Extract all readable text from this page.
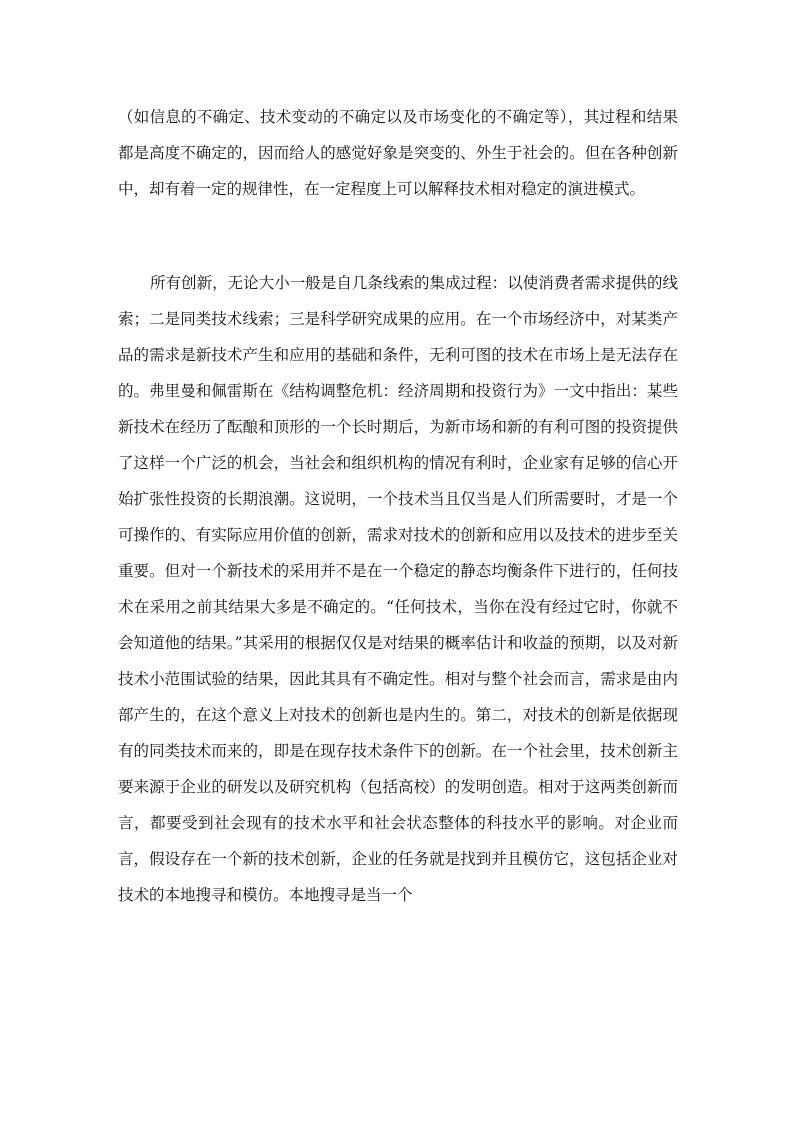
（如信息的不确定、技术变动的不确定以及市场变化的不确定等），其过程和结果都是高度不确定的，因而给人的感觉好象是突变的、外生于社会的。但在各种创新中，却有着一定的规律性，在一定程度上可以解释技术相对稳定的演进模式。

所有创新，无论大小一般是自几条线索的集成过程：以使消费者需求提供的线索；二是同类技术线索；三是科学研究成果的应用。在一个市场经济中，对某类产品的需求是新技术产生和应用的基础和条件，无利可图的技术在市场上是无法存在的。弗里曼和佩雷斯在《结构调整危机：经济周期和投资行为》一文中指出：某些新技术在经历了酝酿和顶形的一个长时期后，为新市场和新的有利可图的投资提供了这样一个广泛的机会，当社会和组织机构的情况有利时，企业家有足够的信心开始扩张性投资的长期浪潮。这说明，一个技术当且仅当是人们所需要时，才是一个可操作的、有实际应用价值的创新，需求对技术的创新和应用以及技术的进步至关重要。但对一个新技术的采用并不是在一个稳定的静态均衡条件下进行的，任何技术在采用之前其结果大多是不确定的。“任何技术，当你在没有经过它时，你就不会知道他的结果。”其采用的根据仅仅是对结果的概率估计和收益的预期，以及对新技术小范围试验的结果，因此其具有不确定性。相对与整个社会而言，需求是由内部产生的，在这个意义上对技术的创新也是内生的。第二，对技术的创新是依据现有的同类技术而来的，即是在现存技术条件下的创新。在一个社会里，技术创新主要来源于企业的研发以及研究机构（包括高校）的发明创造。相对于这两类创新而言，都要受到社会现有的技术水平和社会状态整体的科技水平的影响。对企业而言，假设存在一个新的技术创新，企业的任务就是找到并且模仿它，这包括企业对技术的本地搜寻和模仿。本地搜寻是当一个
